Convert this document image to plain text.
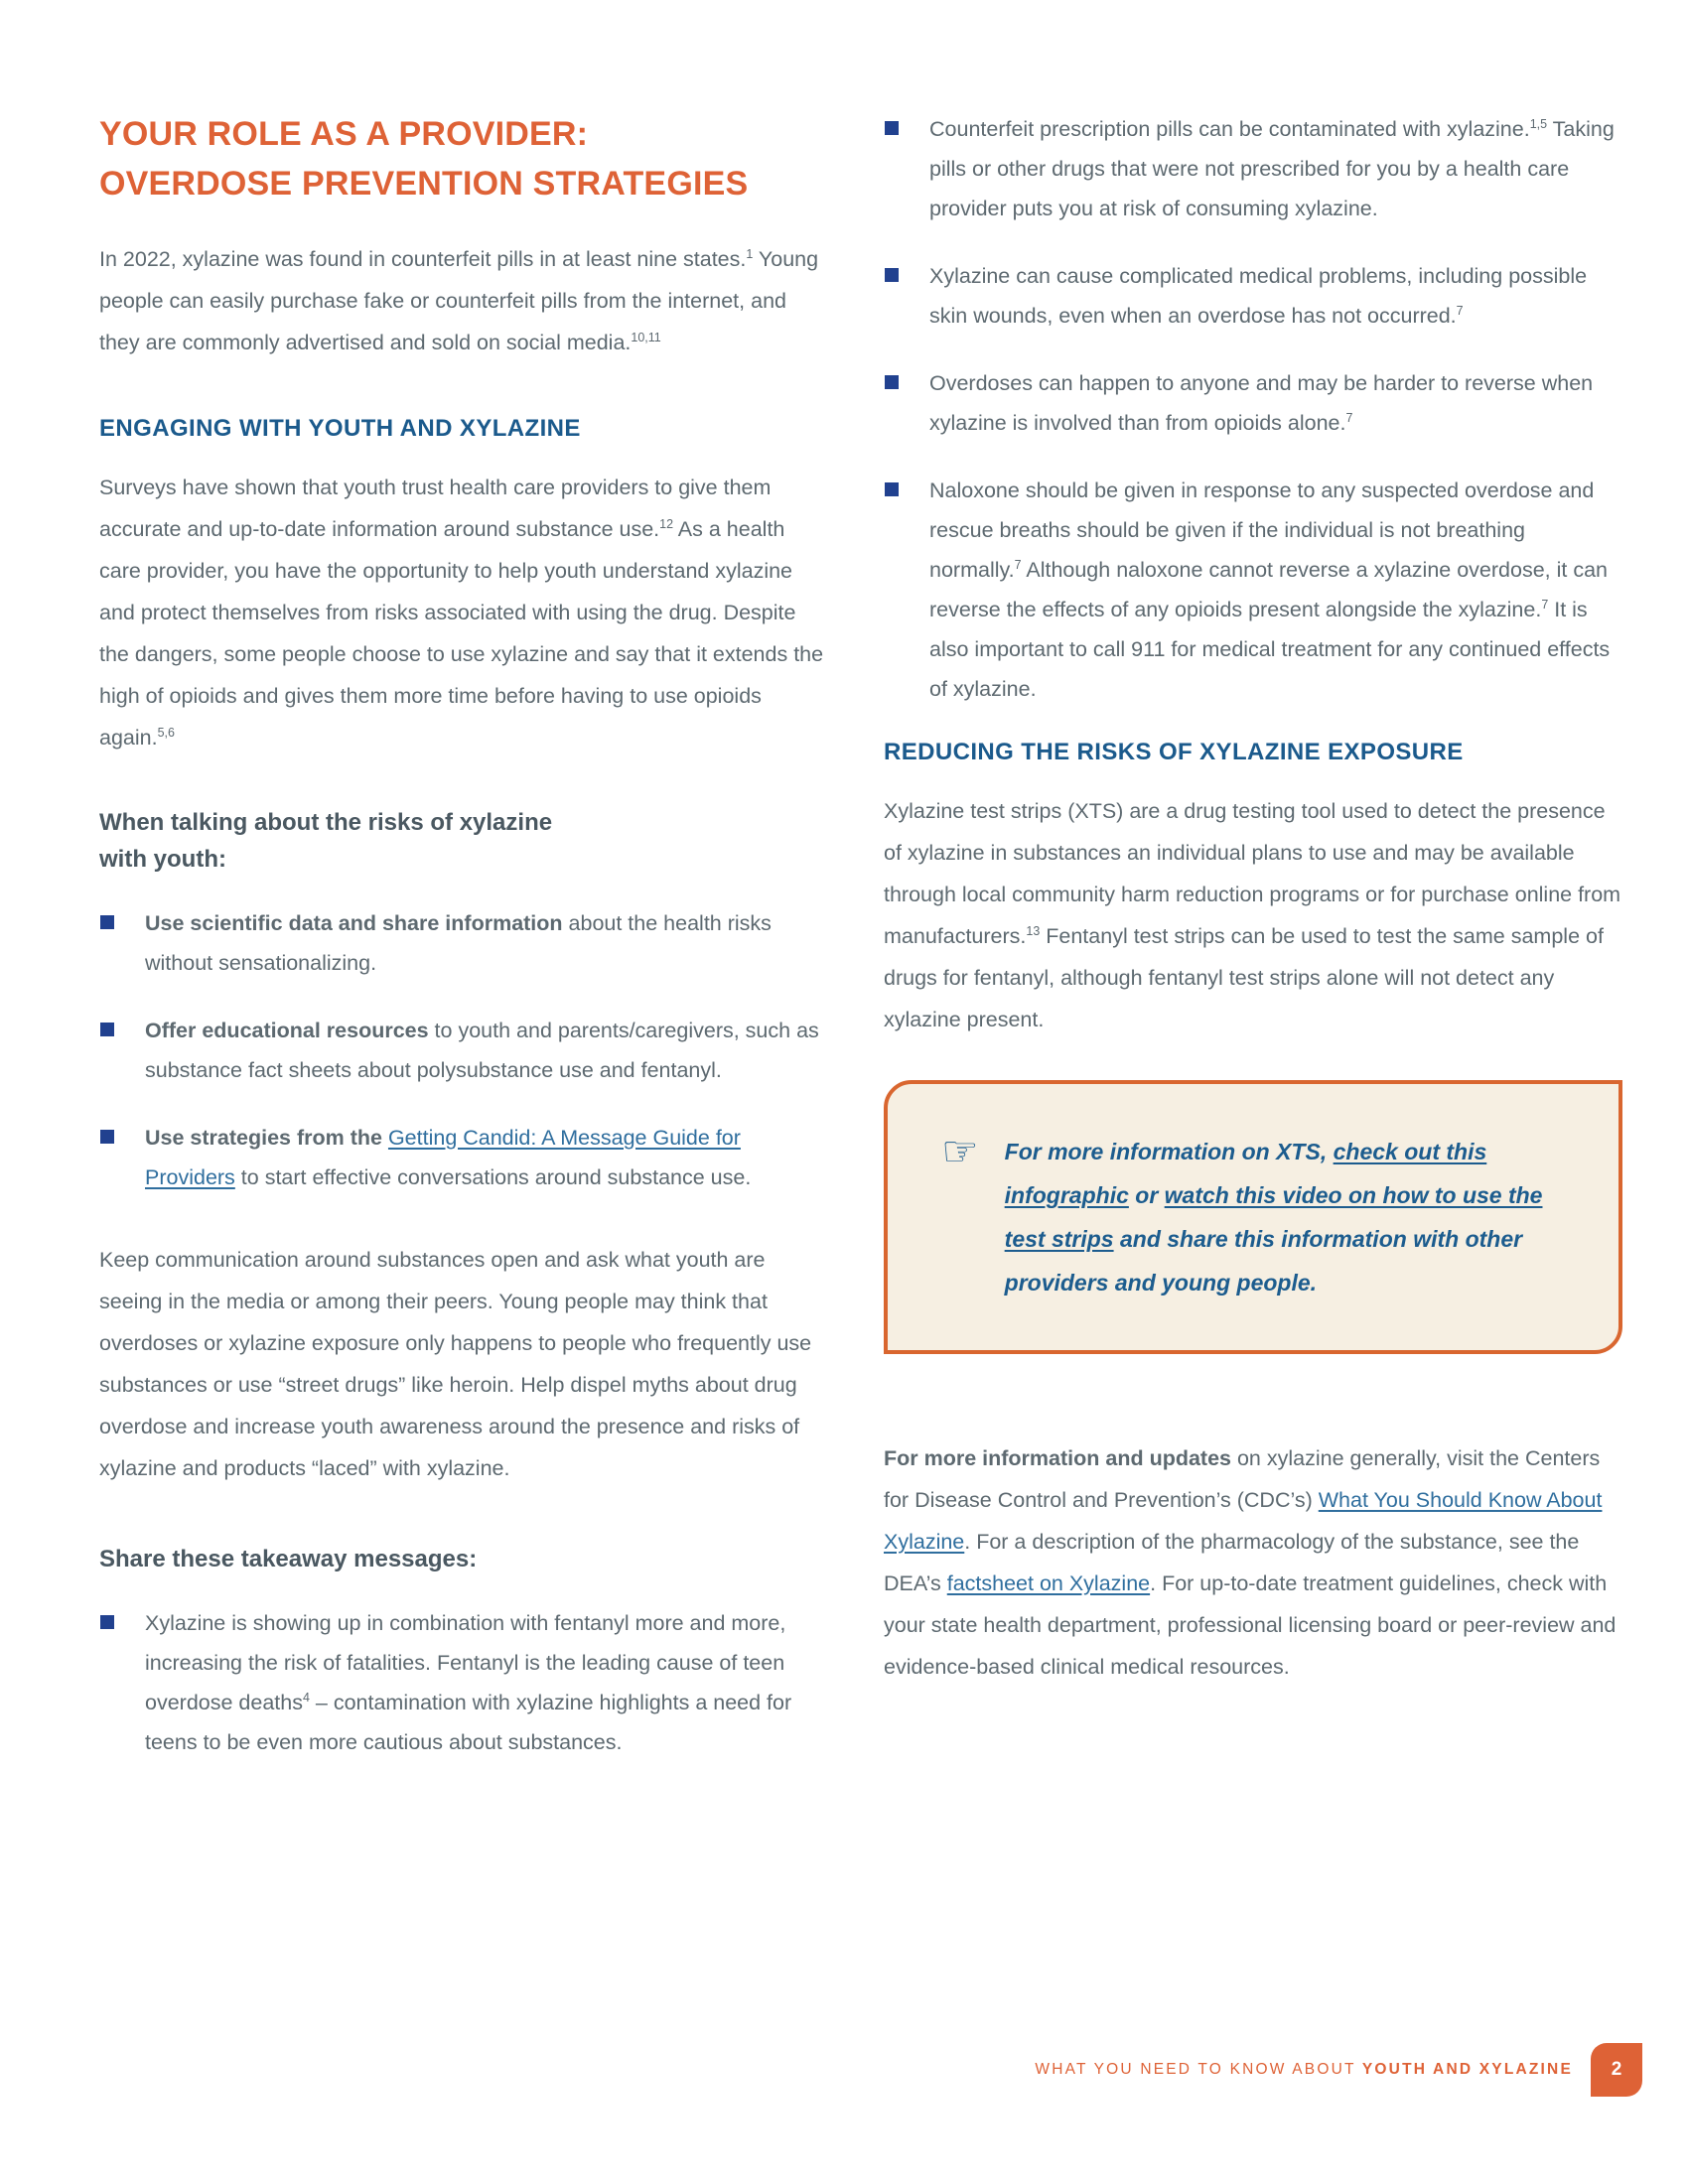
YOUR ROLE AS A PROVIDER:
OVERDOSE PREVENTION STRATEGIES

In 2022, xylazine was found in counterfeit pills in at least nine states.$^1$ Young people can easily purchase fake or counterfeit pills from the internet, and they are commonly advertised and sold on social media.$^{10,11}$

ENGAGING WITH YOUTH AND XYLAZINE

Surveys have shown that youth trust health care providers to give them accurate and up-to-date information around substance use.$^{12}$ As a health care provider, you have the opportunity to help youth understand xylazine and protect themselves from risks associated with using the drug. Despite the dangers, some people choose to use xylazine and say that it extends the high of opioids and gives them more time before having to use opioids again.$^{5,6}$

When talking about the risks of xylazine
with youth:
Use scientific data and share information about the health risks without sensationalizing.
Offer educational resources to youth and parents/caregivers, such as substance fact sheets about polysubstance use and fentanyl.
Use strategies from the Getting Candid: A Message Guide for Providers to start effective conversations around substance use.

Keep communication around substances open and ask what youth are seeing in the media or among their peers. Young people may think that overdoses or xylazine exposure only happens to people who frequently use substances or use “street drugs” like heroin. Help dispel myths about drug overdose and increase youth awareness around the presence and risks of xylazine and products “laced” with xylazine.

Share these takeaway messages:
Xylazine is showing up in combination with fentanyl more and more, increasing the risk of fatalities. Fentanyl is the leading cause of teen overdose deaths$^4$ – contamination with xylazine highlights a need for teens to be even more cautious about substances.
Counterfeit prescription pills can be contaminated with xylazine.$^{1,5}$ Taking pills or other drugs that were not prescribed for you by a health care provider puts you at risk of consuming xylazine.
Xylazine can cause complicated medical problems, including possible skin wounds, even when an overdose has not occurred.$^7$
Overdoses can happen to anyone and may be harder to reverse when xylazine is involved than from opioids alone.$^7$
Naloxone should be given in response to any suspected overdose and rescue breaths should be given if the individual is not breathing normally.$^7$ Although naloxone cannot reverse a xylazine overdose, it can reverse the effects of any opioids present alongside the xylazine.$^7$ It is also important to call 911 for medical treatment for any continued effects of xylazine.
REDUCING THE RISKS OF XYLAZINE EXPOSURE

Xylazine test strips (XTS) are a drug testing tool used to detect the presence of xylazine in substances an individual plans to use and may be available through local community harm reduction programs or for purchase online from manufacturers.$^{13}$ Fentanyl test strips can be used to test the same sample of drugs for fentanyl, although fentanyl test strips alone will not detect any xylazine present.

☞ For more information on XTS, check out this infographic or watch this video on how to use the test strips and share this information with other providers and young people.

For more information and updates on xylazine generally, visit the Centers for Disease Control and Prevention’s (CDC’s) What You Should Know About Xylazine. For a description of the pharmacology of the substance, see the DEA’s factsheet on Xylazine. For up-to-date treatment guidelines, check with your state health department, professional licensing board or peer-review and evidence-based clinical medical resources.

WHAT YOU NEED TO KNOW ABOUT YOUTH AND XYLAZINE	2
